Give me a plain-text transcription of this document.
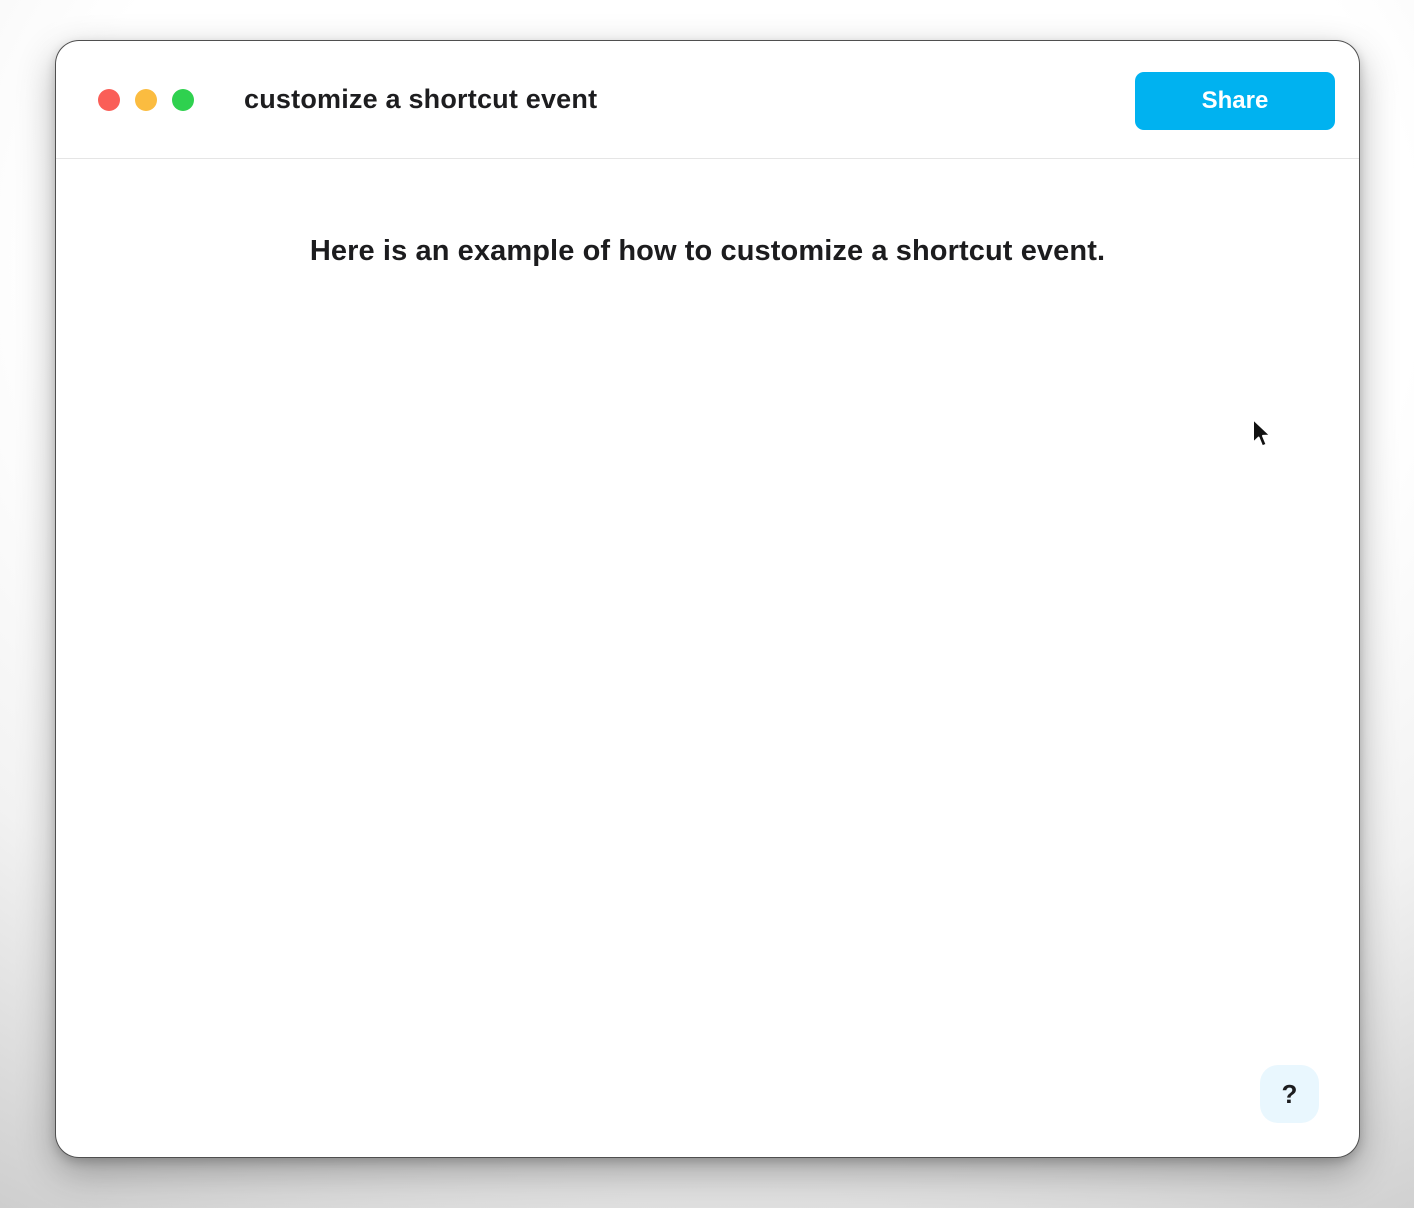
customize a shortcut event	Share

Here is an example of how to customize a shortcut event.

?
